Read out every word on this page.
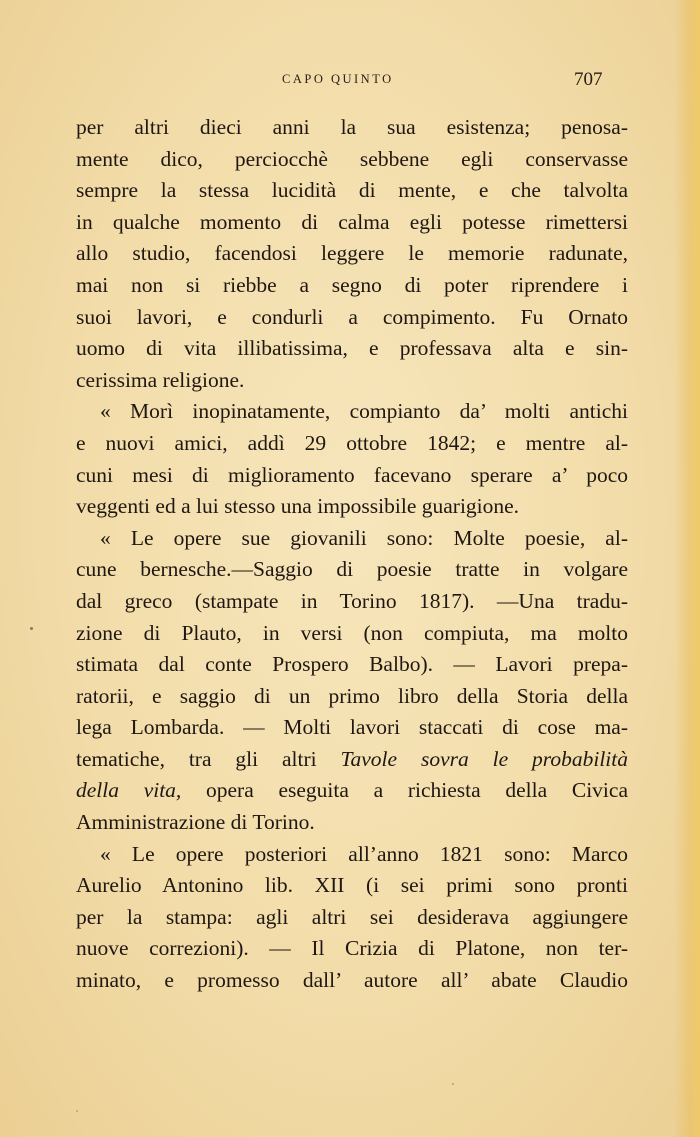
CAPO QUINTO	707
per altri dieci anni la sua esistenza; penosa-
mente dico, perciocchè sebbene egli conservasse
sempre la stessa lucidità di mente, e che talvolta
in qualche momento di calma egli potesse rimettersi
allo studio, facendosi leggere le memorie radunate,
mai non si riebbe a segno di poter riprendere i
suoi lavori, e condurli a compimento. Fu Ornato
uomo di vita illibatissima, e professava alta e sin-
cerissima religione.
« Morì inopinatamente, compianto da’ molti antichi
e nuovi amici, addì 29 ottobre 1842; e mentre al-
cuni mesi di miglioramento facevano sperare a’ poco
veggenti ed a lui stesso una impossibile guarigione.
« Le opere sue giovanili sono: Molte poesie, al-
cune bernesche.—Saggio di poesie tratte in volgare
dal greco (stampate in Torino 1817). —Una tradu-
zione di Plauto, in versi (non compiuta, ma molto
stimata dal conte Prospero Balbo). — Lavori prepa-
ratorii, e saggio di un primo libro della Storia della
lega Lombarda. — Molti lavori staccati di cose ma-
tematiche, tra gli altri Tavole sovra le probabilità
della vita, opera eseguita a richiesta della Civica
Amministrazione di Torino.
« Le opere posteriori all’anno 1821 sono: Marco
Aurelio Antonino lib. XII (i sei primi sono pronti
per la stampa: agli altri sei desiderava aggiungere
nuove correzioni). — Il Crizia di Platone, non ter-
minato, e promesso dall’ autore all’ abate Claudio
